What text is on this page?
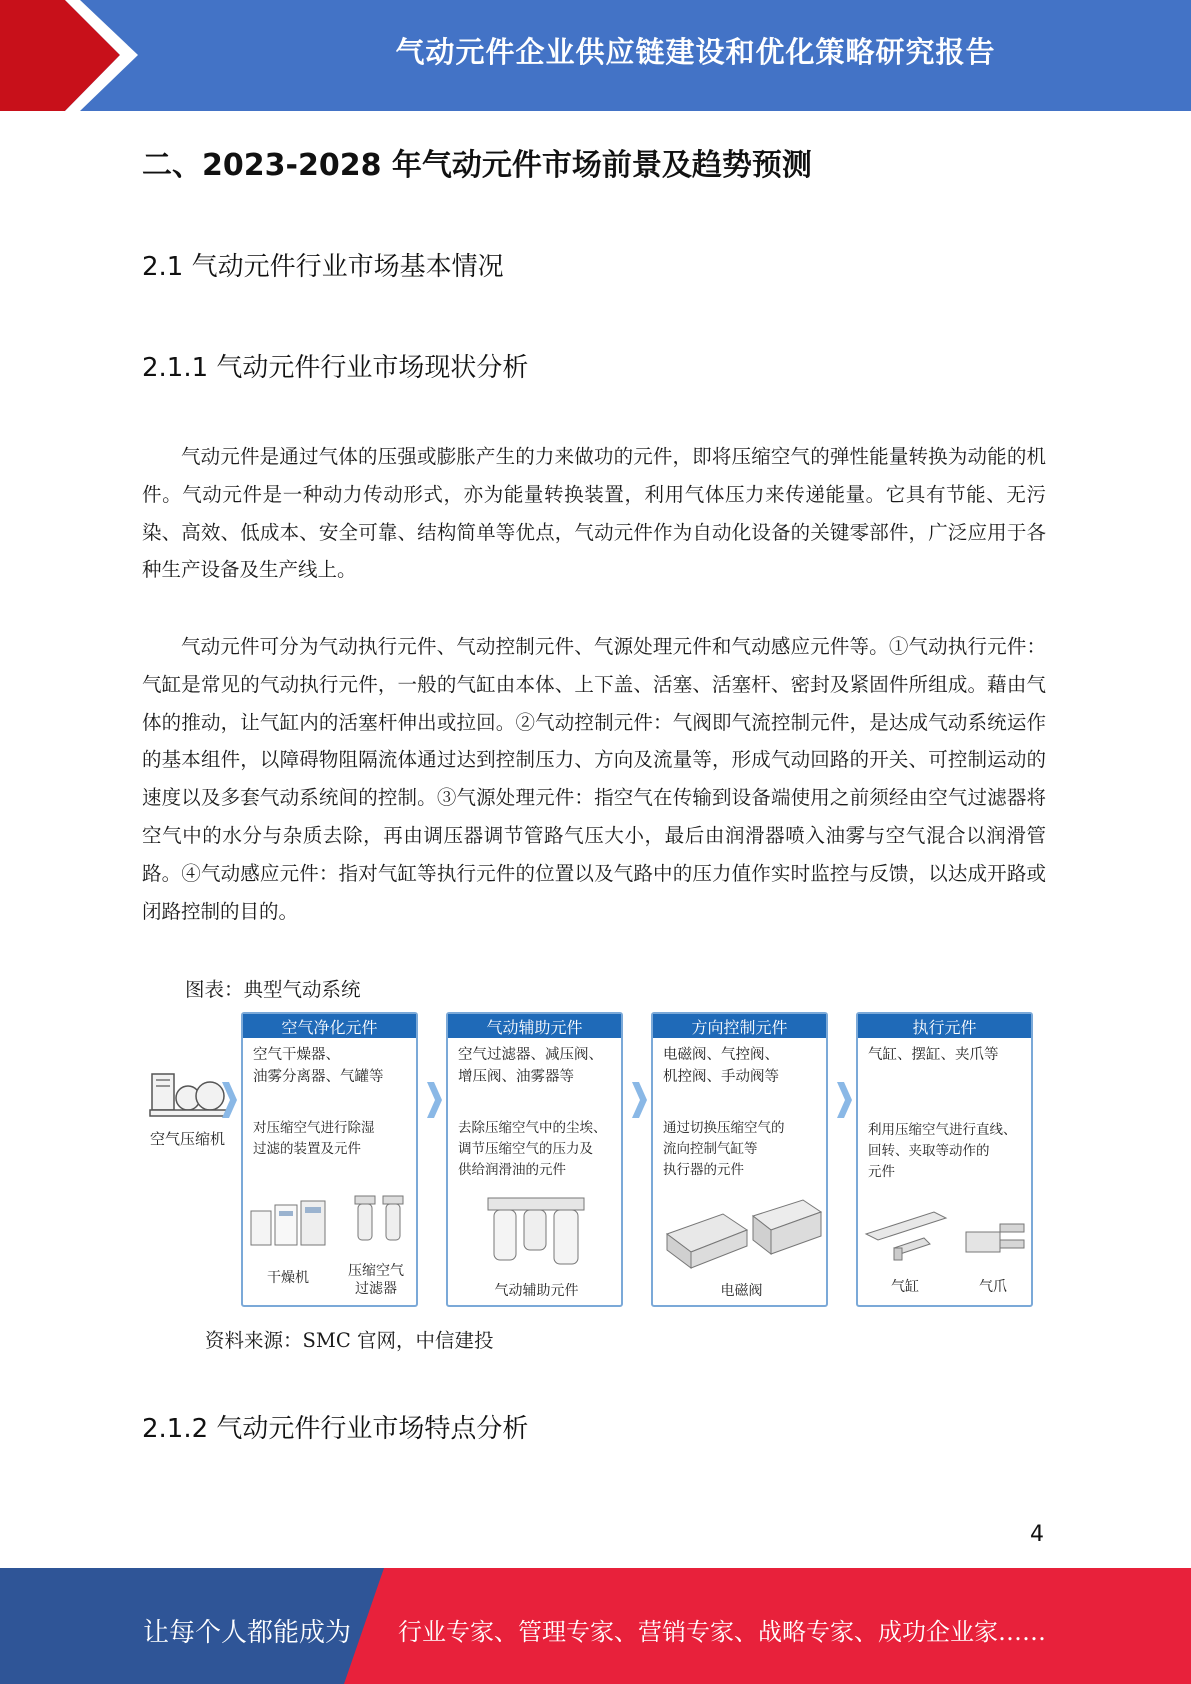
气动元件企业供应链建设和优化策略研究报告
二、2023-2028 年气动元件市场前景及趋势预测
2.1 气动元件行业市场基本情况
2.1.1 气动元件行业市场现状分析

气动元件是通过气体的压强或膨胀产生的力来做功的元件，即将压缩空气的弹性能量转换为动能的机件。气动元件是一种动力传动形式，亦为能量转换装置，利用气体压力来传递能量。它具有节能、无污染、高效、低成本、安全可靠、结构简单等优点，气动元件作为自动化设备的关键零部件，广泛应用于各种生产设备及生产线上。

气动元件可分为气动执行元件、气动控制元件、气源处理元件和气动感应元件等。①气动执行元件：气缸是常见的气动执行元件，一般的气缸由本体、上下盖、活塞、活塞杆、密封及紧固件所组成。藉由气体的推动，让气缸内的活塞杆伸出或拉回。②气动控制元件：气阀即气流控制元件，是达成气动系统运作的基本组件，以障碍物阻隔流体通过达到控制压力、方向及流量等，形成气动回路的开关、可控制运动的速度以及多套气动系统间的控制。③气源处理元件：指空气在传输到设备端使用之前须经由空气过滤器将空气中的水分与杂质去除，再由调压器调节管路气压大小，最后由润滑器喷入油雾与空气混合以润滑管路。④气动感应元件：指对气缸等执行元件的位置以及气路中的压力值作实时监控与反馈，以达成开路或闭路控制的目的。

图表：典型气动系统
空气压缩机
空气净化元件
空气干燥器、
油雾分离器、气罐等
对压缩空气进行除湿
过滤的装置及元件
干燥机	压缩空气
过滤器
气动辅助元件
空气过滤器、减压阀、
增压阀、油雾器等
去除压缩空气中的尘埃、
调节压缩空气的压力及
供给润滑油的元件
气动辅助元件
方向控制元件
电磁阀、气控阀、
机控阀、手动阀等
通过切换压缩空气的
流向控制气缸等
执行器的元件
电磁阀
执行元件
气缸、摆缸、夹爪等
利用压缩空气进行直线、
回转、夹取等动作的
元件
气缸	气爪
资料来源：SMC 官网，中信建投
2.1.2 气动元件行业市场特点分析
4
让每个人都能成为 行业专家、管理专家、营销专家、战略专家、成功企业家……
